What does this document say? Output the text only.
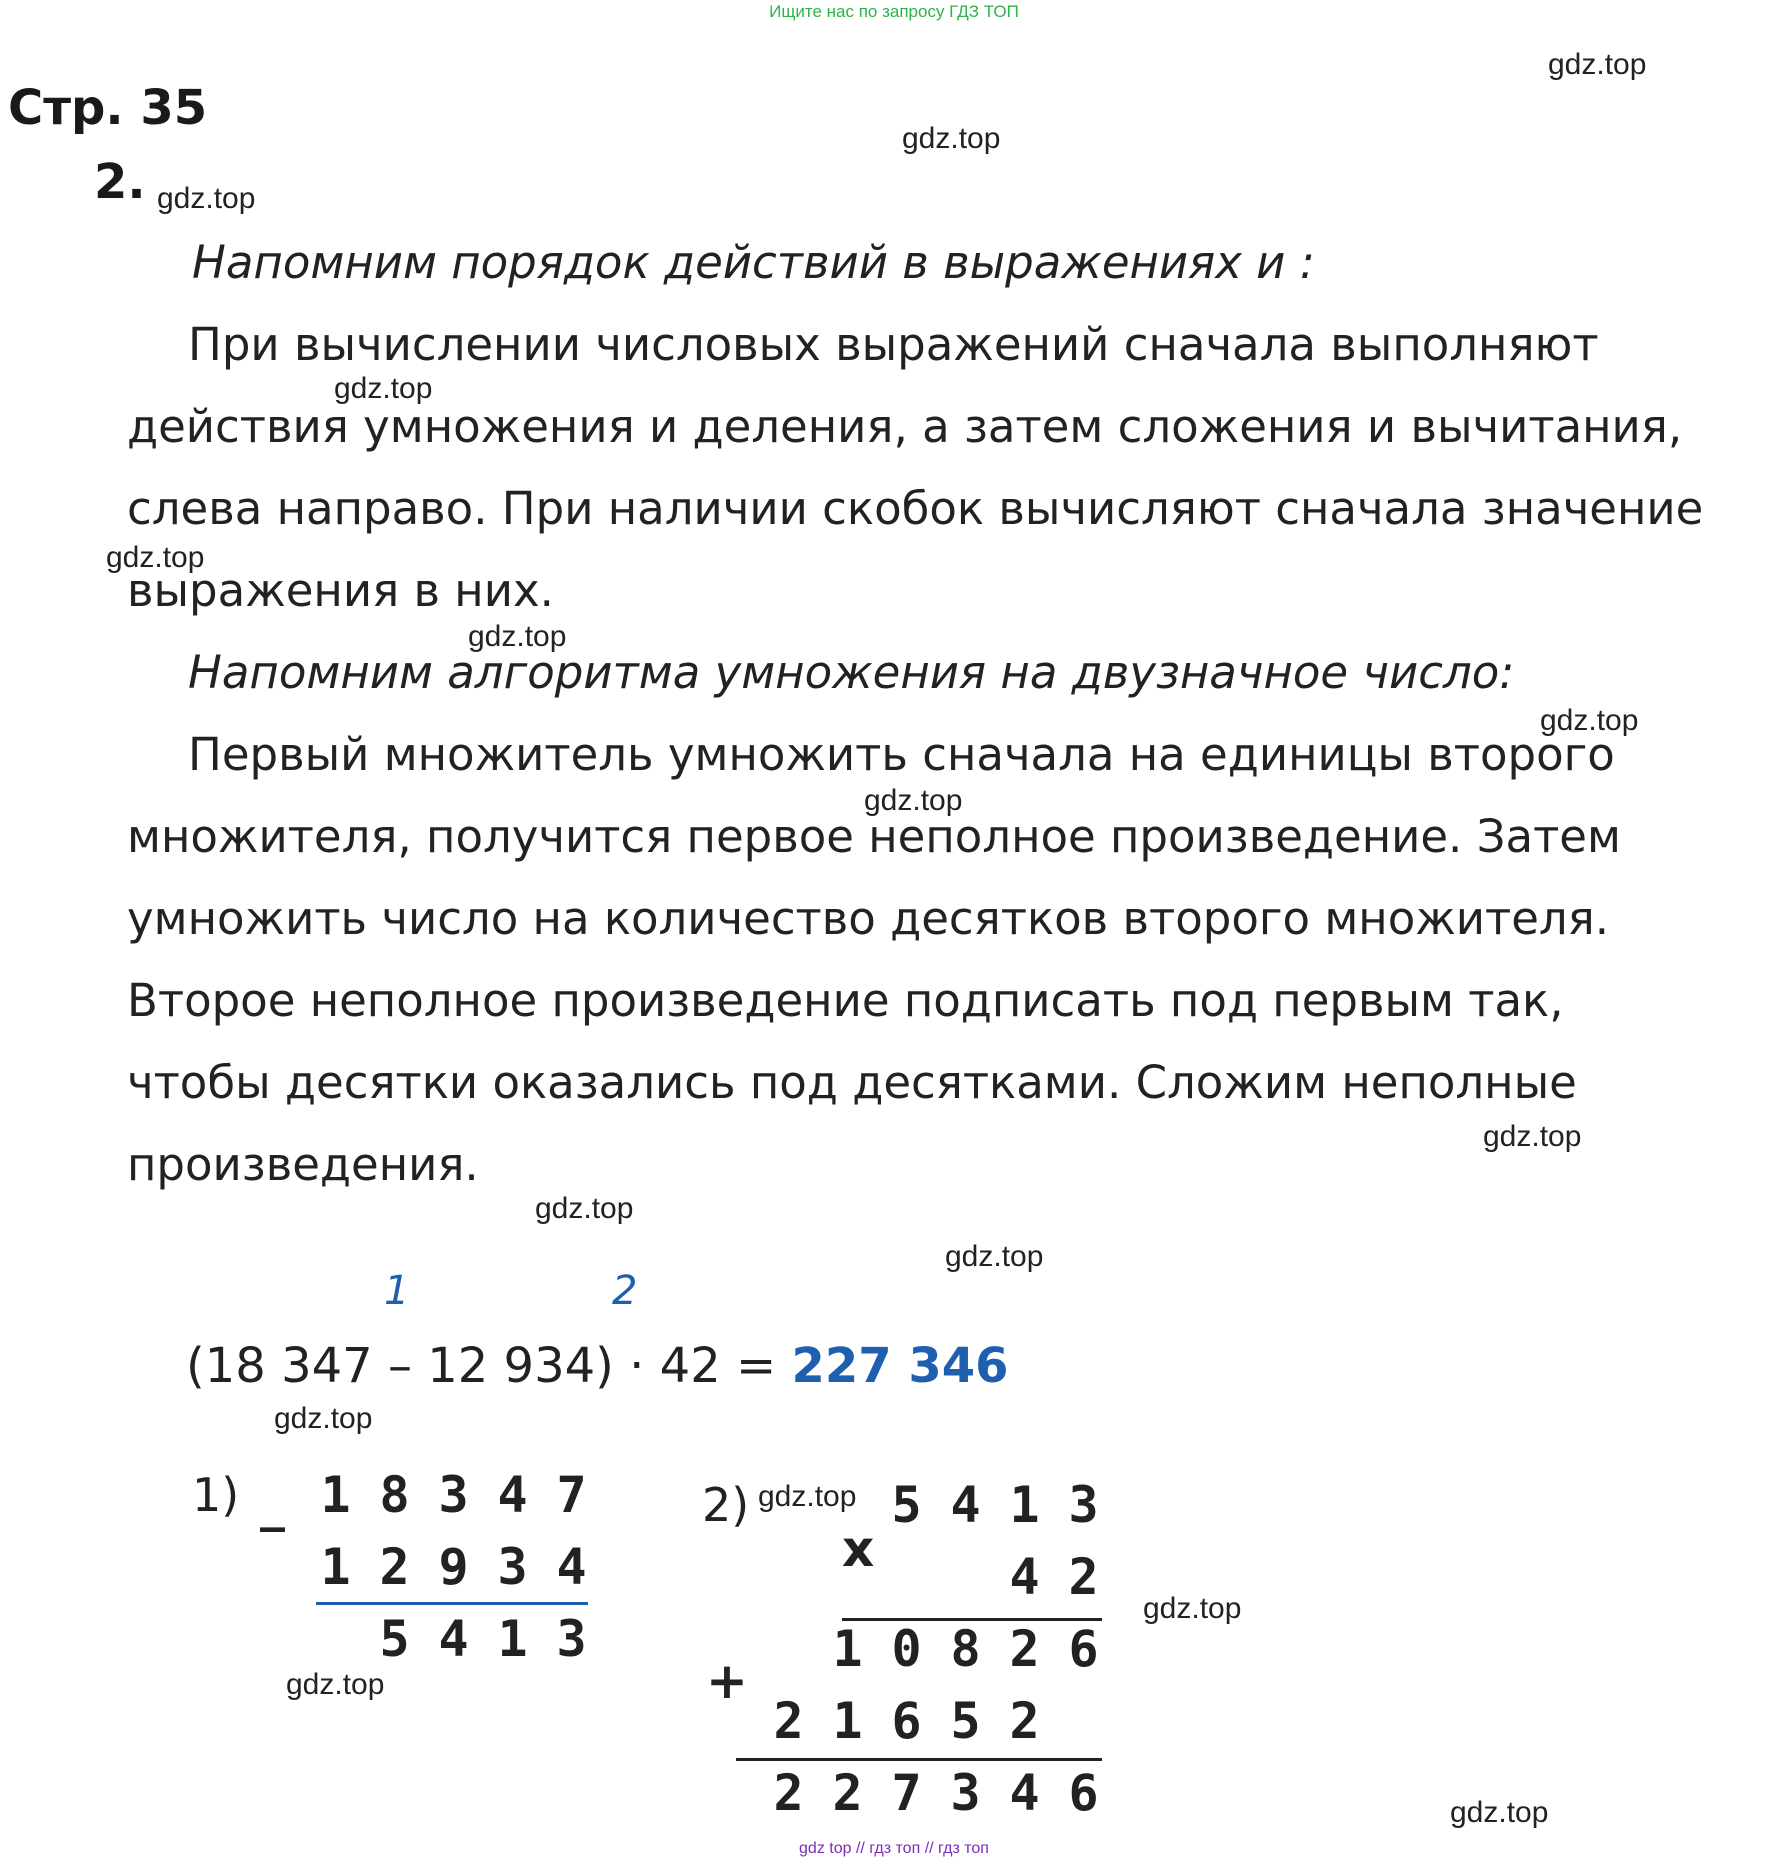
Ищите нас по запросу ГДЗ ТОП
gdz.top
gdz.top
gdz.top
gdz.top
gdz.top
gdz.top
gdz.top
gdz.top
gdz.top
gdz.top
gdz.top
gdz.top
gdz.top
gdz.top
gdz.top
gdz.top
Стр. 35
2.
Напомним порядок действий в выражениях и :
При вычислении числовых выражений сначала выполняют
действия умножения и деления, а затем сложения и вычитания,
слева направо. При наличии скобок вычисляют сначала значение
выражения в них.
Напомним алгоритма умножения на двузначное число:
Первый множитель умножить сначала на единицы второго
множителя, получится первое неполное произведение. Затем
умножить число на количество десятков второго множителя.
Второе неполное произведение подписать под первым так,
чтобы десятки оказались под десятками. Сложим неполные
произведения.
1	2
(18 347 – 12 934) · 42 = 227 346
1) _ 1 8 3 4 7
1 2 9 3 4
5 4 1 3
2)
x
5 4 1 3
4 2
+
1 0 8 2 6
2 1 6 5 2
2 2 7 3 4 6
gdz top // гдз топ // гдз топ
